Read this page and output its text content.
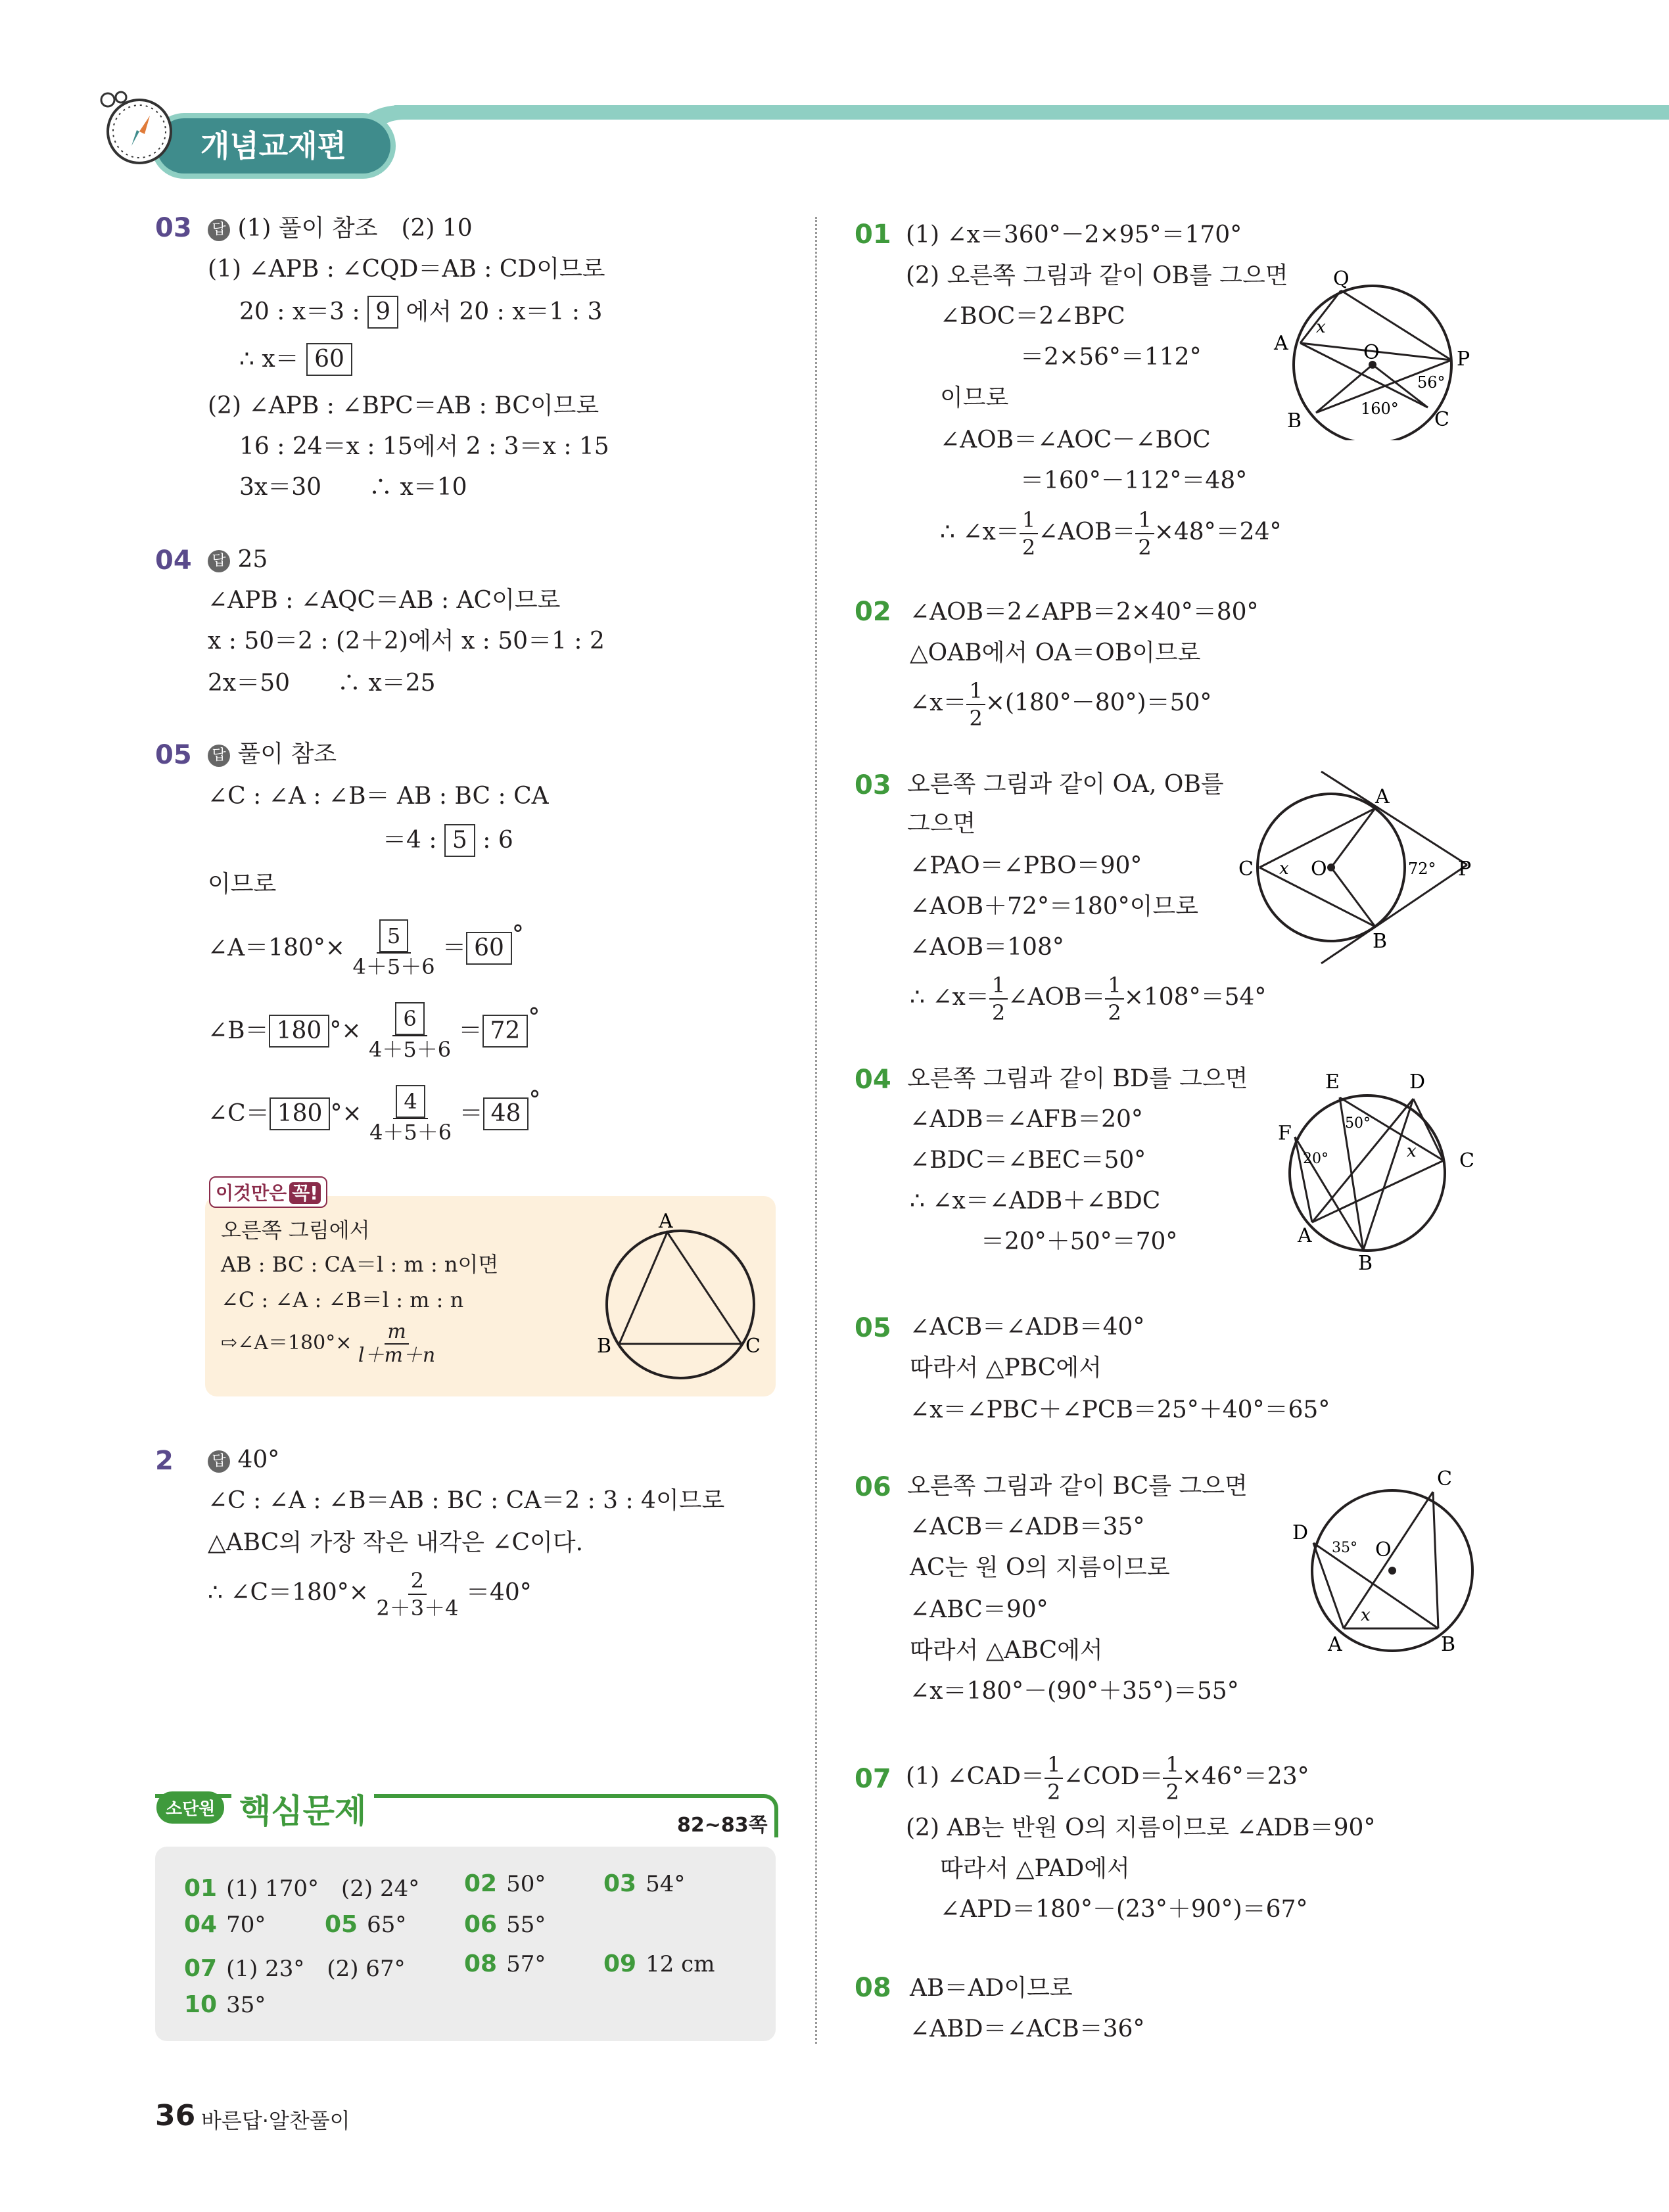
개념교재편
03 답 (1) 풀이 참조　(2) 10
(1) ∠APB : ∠CQD＝AB : CD이므로
20 : x＝3 : 9 에서 20 : x＝1 : 3
∴ x＝ 60
(2) ∠APB : ∠BPC＝AB : BC이므로
16 : 24＝x : 15에서 2 : 3＝x : 15
3x＝30　　∴ x＝10
04 답 25
∠APB : ∠AQC＝AB : AC이므로
x : 50＝2 : (2＋2)에서 x : 50＝1 : 2
2x＝50　　∴ x＝25
05 답 풀이 참조
∠C : ∠A : ∠B＝ AB : BC : CA
＝4 : 5 : 6
이므로
∠A＝180°× $\frac{5}{4+5+6} = 60$ °
∠B＝ 180 °× $\frac{6}{4+5+6} = 72$ °
∠C＝ 180 °× $\frac{4}{4+5+6} = 48$ °
이것만은 꼭!
오른쪽 그림에서
AB : BC : CA＝l : m : n이면
∠C : ∠A : ∠B＝l : m : n
⇨∠A＝180°× $\frac{m}{l+m+n}$
A
B	C
2	답 40°
∠C : ∠A : ∠B＝AB : BC : CA＝2 : 3 : 4이므로
△ABC의 가장 작은 내각은 ∠C이다.
∴ ∠C＝180°× $\frac{2}{2+3+4} =40^\circ$
소단원 핵심문제	82~83쪽
01 (1) 170°　(2) 24° 02 50° 03 54°
04 70° 05 65° 06 55°
07 (1) 23°　(2) 67° 08 57° 09 12 cm
10 35°
01 (1) ∠x＝360°－2×95°＝170°
(2) 오른쪽 그림과 같이 OB를 그으면
∠BOC＝2∠BPC
＝2×56°＝112°
이므로
∠AOB＝∠AOC－∠BOC
＝160°－112°＝48°
∴ ∠x＝ $\frac{1}{2}$ ∠AOB＝ $\frac{1}{2} \times 48^\circ=24^\circ$
Q
A	O	P
B	C
x
56°
160°
02 ∠AOB＝2∠APB＝2×40°＝80°
△OAB에서 OA＝OB이므로
∠x＝ $\frac{1}{2} \times(180^\circ-80^\circ)=50^\circ$
03 오른쪽 그림과 같이 OA, OB를
그으면
∠PAO＝∠PBO＝90°
∠AOB＋72°＝180°이므로
∠AOB＝108°
∴ ∠x＝ $\frac{1}{2}$ ∠AOB＝ $\frac{1}{2} \times 108^\circ=54^\circ$
A
B
C	O	P
x	72°
04 오른쪽 그림과 같이 BD를 그으면
∠ADB＝∠AFB＝20°
∠BDC＝∠BEC＝50°
∴ ∠x＝∠ADB＋∠BDC
＝20°＋50°＝70°
E	D
F
C
A
B
x
50°
20°
05 ∠ACB＝∠ADB＝40°
따라서 △PBC에서
∠x＝∠PBC＋∠PCB＝25°＋40°＝65°
06 오른쪽 그림과 같이 BC를 그으면
∠ACB＝∠ADB＝35°
AC는 원 O의 지름이므로
∠ABC＝90°
따라서 △ABC에서
∠x＝180°－(90°＋35°)＝55°
C
D
O
A	B
x
35°
07 (1) ∠CAD＝ $\frac{1}{2}$ ∠COD＝ $\frac{1}{2} \times 46^\circ=23^\circ$
(2) AB는 반원 O의 지름이므로 ∠ADB＝90°
따라서 △PAD에서
∠APD＝180°－(23°＋90°)＝67°
08 AB＝AD이므로
∠ABD＝∠ACB＝36°
36 바른답·알찬풀이
